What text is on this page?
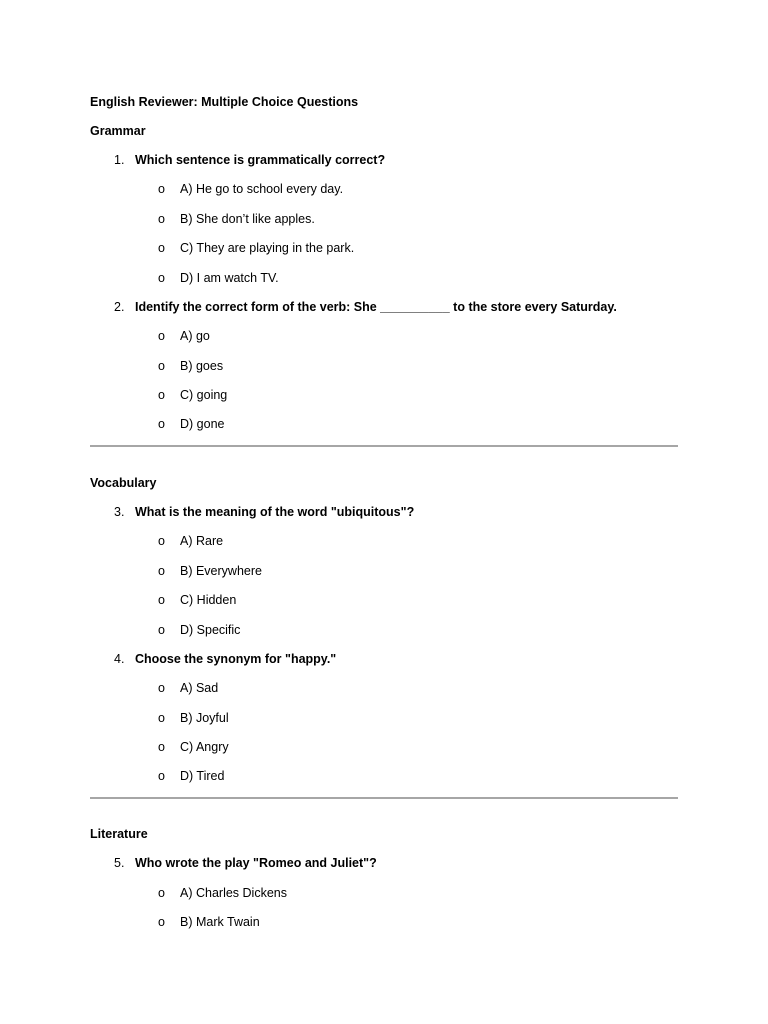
English Reviewer: Multiple Choice Questions
Grammar
1. Which sentence is grammatically correct?
o A) He go to school every day.
o B) She don’t like apples.
o C) They are playing in the park.
o D) I am watch TV.
2. Identify the correct form of the verb: She __________ to the store every Saturday.
o A) go
o B) goes
o C) going
o D) gone
Vocabulary
3. What is the meaning of the word "ubiquitous"?
o A) Rare
o B) Everywhere
o C) Hidden
o D) Specific
4. Choose the synonym for "happy."
o A) Sad
o B) Joyful
o C) Angry
o D) Tired
Literature
5. Who wrote the play "Romeo and Juliet"?
o A) Charles Dickens
o B) Mark Twain
